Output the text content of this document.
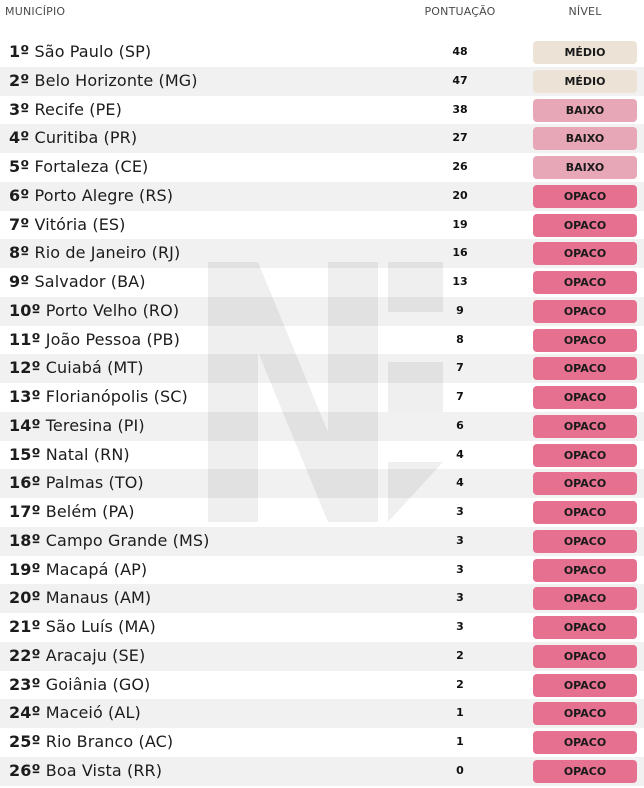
MUNICÍPIO	PONTUAÇÃO	NÍVEL
1º São Paulo (SP)	48	MÉDIO
2º Belo Horizonte (MG)	47	MÉDIO
3º Recife (PE)	38	BAIXO
4º Curitiba (PR)	27	BAIXO
5º Fortaleza (CE)	26	BAIXO
6º Porto Alegre (RS)	20	OPACO
7º Vitória (ES)	19	OPACO
8º Rio de Janeiro (RJ)	16	OPACO
9º Salvador (BA)	13	OPACO
10º Porto Velho (RO)	9	OPACO
11º João Pessoa (PB)	8	OPACO
12º Cuiabá (MT)	7	OPACO
13º Florianópolis (SC)	7	OPACO
14º Teresina (PI)	6	OPACO
15º Natal (RN)	4	OPACO
16º Palmas (TO)	4	OPACO
17º Belém (PA)	3	OPACO
18º Campo Grande (MS)	3	OPACO
19º Macapá (AP)	3	OPACO
20º Manaus (AM)	3	OPACO
21º São Luís (MA)	3	OPACO
22º Aracaju (SE)	2	OPACO
23º Goiânia (GO)	2	OPACO
24º Maceió (AL)	1	OPACO
25º Rio Branco (AC)	1	OPACO
26º Boa Vista (RR)	0	OPACO
